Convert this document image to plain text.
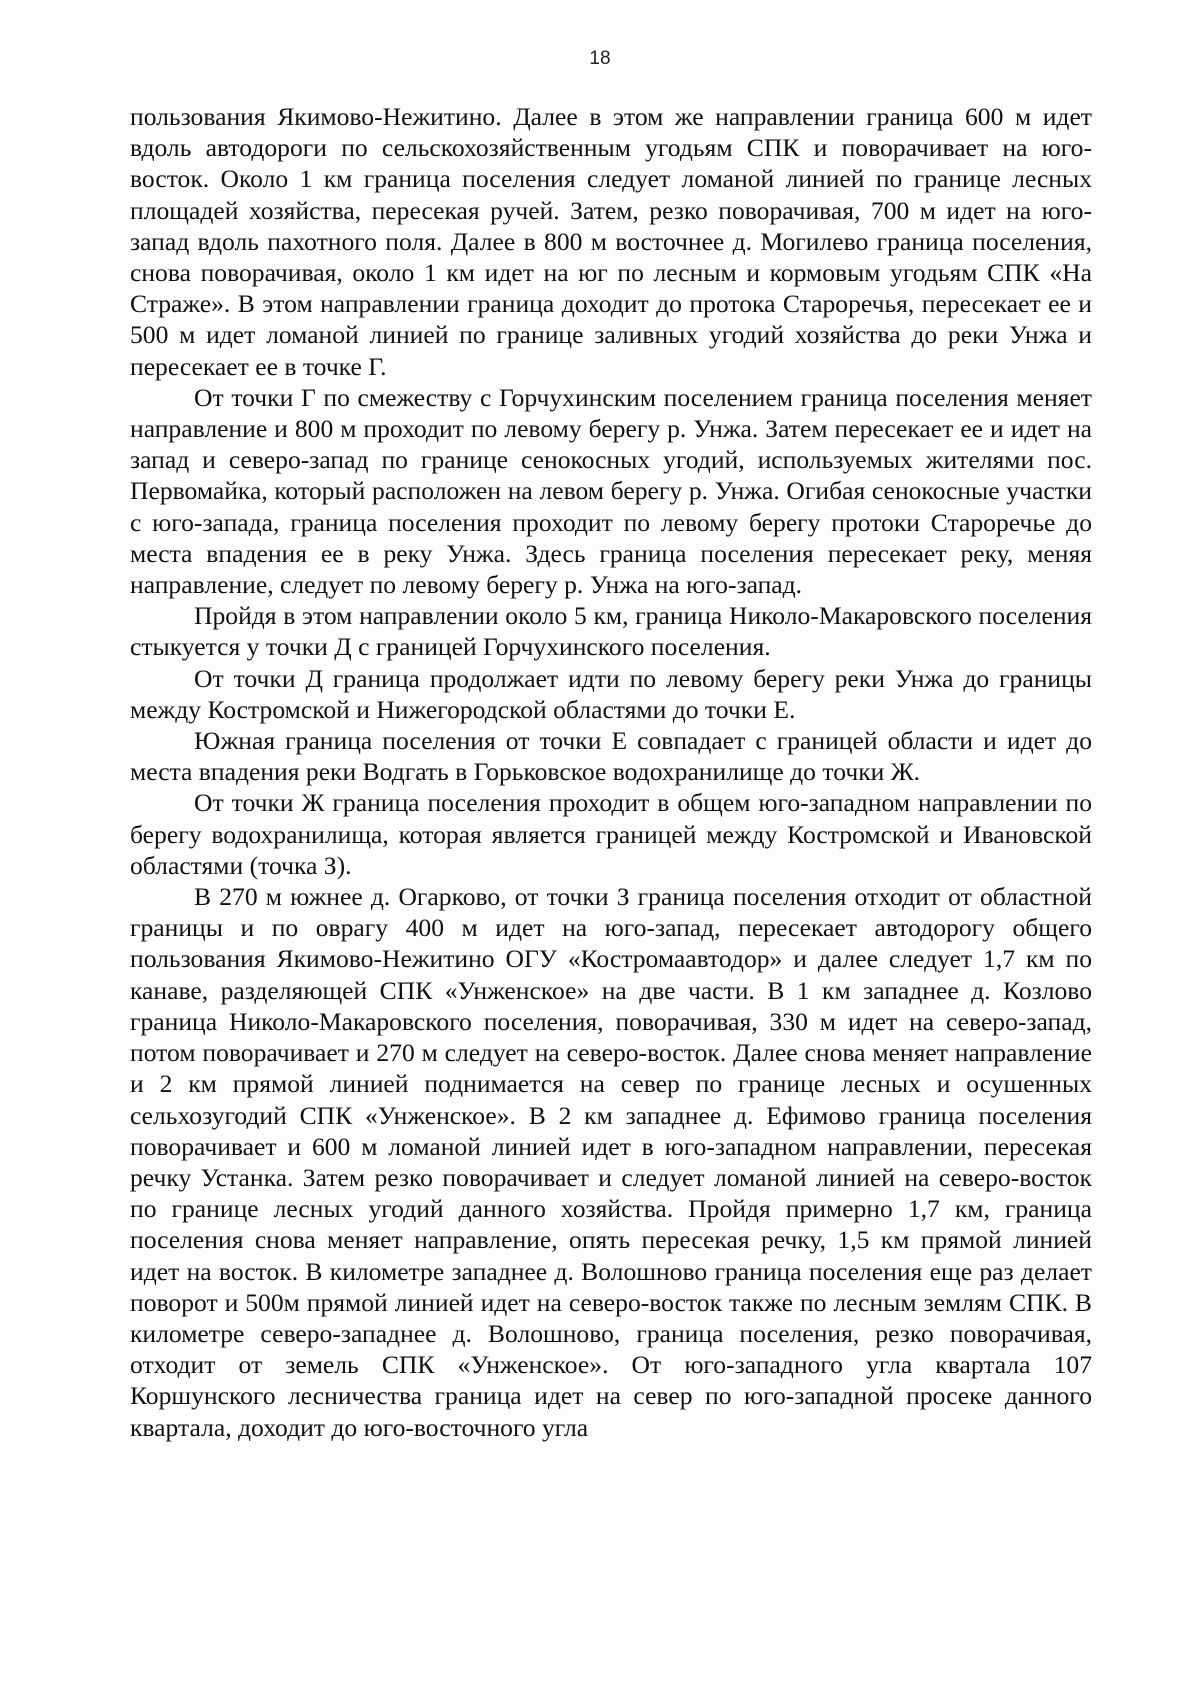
18

пользования Якимово-Нежитино. Далее в этом же направлении граница 600 м идет вдоль автодороги по сельскохозяйственным угодьям СПК и поворачивает на юго-восток. Около 1 км граница поселения следует ломаной линией по границе лесных площадей хозяйства, пересекая ручей. Затем, резко поворачивая, 700 м идет на юго-запад вдоль пахотного поля. Далее в 800 м восточнее д. Могилево граница поселения, снова поворачивая, около 1 км идет на юг по лесным и кормовым угодьям СПК «На Страже». В этом направлении граница доходит до протока Староречья, пересекает ее и 500 м идет ломаной линией по границе заливных угодий хозяйства до реки Унжа и пересекает ее в точке Г.

От точки Г по смежеству с Горчухинским поселением граница поселения меняет направление и 800 м проходит по левому берегу р. Унжа. Затем пересекает ее и идет на запад и северо-запад по границе сенокосных угодий, используемых жителями пос. Первомайка, который расположен на левом берегу р. Унжа. Огибая сенокосные участки с юго-запада, граница поселения проходит по левому берегу протоки Староречье до места впадения ее в реку Унжа. Здесь граница поселения пересекает реку, меняя направление, следует по левому берегу р. Унжа на юго-запад.

Пройдя в этом направлении около 5 км, граница Николо-Макаровского поселения стыкуется у точки Д с границей Горчухинского поселения.

От точки Д граница продолжает идти по левому берегу реки Унжа до границы между Костромской и Нижегородской областями до точки Е.

Южная граница поселения от точки Е совпадает с границей области и идет до места впадения реки Водгать в Горьковское водохранилище до точки Ж.

От точки Ж граница поселения проходит в общем юго-западном направлении по берегу водохранилища, которая является границей между Костромской и Ивановской областями (точка З).

В 270 м южнее д. Огарково, от точки З граница поселения отходит от областной границы и по оврагу 400 м идет на юго-запад, пересекает автодорогу общего пользования Якимово-Нежитино ОГУ «Костромаавтодор» и далее следует 1,7 км по канаве, разделяющей СПК «Унженское» на две части. В 1 км западнее д. Козлово граница Николо-Макаровского поселения, поворачивая, 330 м идет на северо-запад, потом поворачивает и 270 м следует на северо-восток. Далее снова меняет направление и 2 км прямой линией поднимается на север по границе лесных и осушенных сельхозугодий СПК «Унженское». В 2 км западнее д. Ефимово граница поселения поворачивает и 600 м ломаной линией идет в юго-западном направлении, пересекая речку Устанка. Затем резко поворачивает и следует ломаной линией на северо-восток по границе лесных угодий данного хозяйства. Пройдя примерно 1,7 км, граница поселения снова меняет направление, опять пересекая речку, 1,5 км прямой линией идет на восток. В километре западнее д. Волошново граница поселения еще раз делает поворот и 500м прямой линией идет на северо-восток также по лесным землям СПК. В километре северо-западнее д. Волошново, граница поселения, резко поворачивая, отходит от земель СПК «Унженское». От юго-западного угла квартала 107 Коршунского лесничества граница идет на север по юго-западной просеке данного квартала, доходит до юго-восточного угла
